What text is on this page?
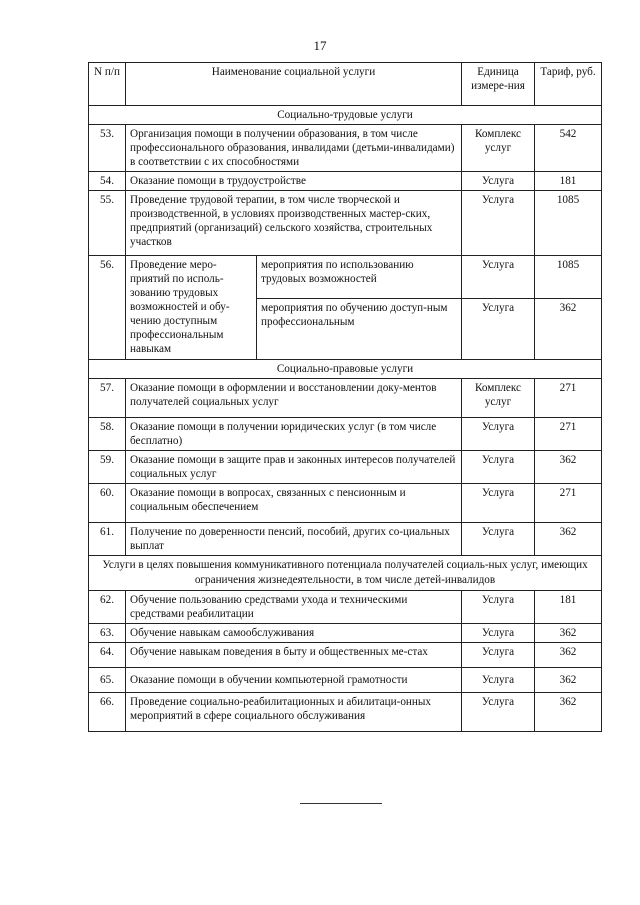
17
N п/п	Наименование социальной услуги		Единица измере-ния	Тариф, руб.
Социально-трудовые услуги				
53.	Организация помощи в получении образования, в том числе профессионального образования, инвалидами (детьми-инвалидами) в соответствии с их способностями		Комплекс услуг	542
54.	Оказание помощи в трудоустройстве		Услуга	181
55.	Проведение трудовой терапии, в том числе творческой и производственной, в условиях производственных мастер-ских, предприятий (организаций) сельского хозяйства, строительных участков		Услуга	1085
56.	Проведение меро-приятий по исполь-зованию трудовых возможностей и обу-чению доступным профессиональным навыкам	мероприятия по использованию трудовых возможностей	Услуга	1085
		мероприятия по обучению доступ-ным профессиональным	Услуга	362
Социально-правовые услуги				
57.	Оказание помощи в оформлении и восстановлении доку-ментов получателей социальных услуг		Комплекс услуг	271
58.	Оказание помощи в получении юридических услуг (в том числе бесплатно)		Услуга	271
59.	Оказание помощи в защите прав и законных интересов получателей социальных услуг		Услуга	362
60.	Оказание помощи в вопросах, связанных с пенсионным и социальным обеспечением		Услуга	271
61.	Получение по доверенности пенсий, пособий, других со-циальных выплат		Услуга	362
Услуги в целях повышения коммуникативного потенциала получателей социаль-ных услуг, имеющих ограничения жизнедеятельности, в том числе детей-инвалидов				
62.	Обучение пользованию средствами ухода и техническими средствами реабилитации		Услуга	181
63.	Обучение навыкам самообслуживания		Услуга	362
64.	Обучение навыкам поведения в быту и общественных ме-стах		Услуга	362
65.	Оказание помощи в обучении компьютерной грамотности		Услуга	362
66.	Проведение социально-реабилитационных и абилитаци-онных мероприятий в сфере социального обслуживания		Услуга	362
